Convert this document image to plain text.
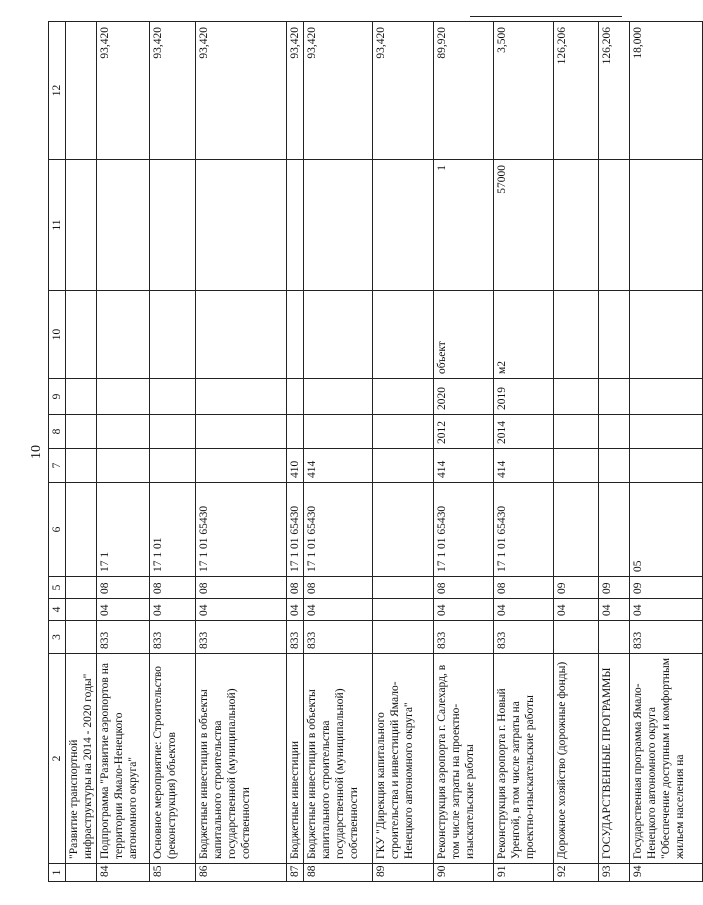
10
1	2	3	4	5	6	7	8	9	10	11	12
	"Развитие транспортной инфраструктуры на 2014 - 2020 годы"										
84	Подпрограмма "Развитие аэропортов на территории Ямало-Ненецкого автономного округа"	833	04	08	17 1						93,420
85	Основное мероприятие: Строительство (реконструкция) объектов	833	04	08	17 1 01						93,420
86	Бюджетные инвестиции в объекты капитального строительства государственной (муниципальной) собственности	833	04	08	17 1 01 65430						93,420
87	Бюджетные инвестиции	833	04	08	17 1 01 65430	410					93,420
88	Бюджетные инвестиции в объекты капитального строительства государственной (муниципальной) собственности	833	04	08	17 1 01 65430	414					93,420
89	ГКУ "Дирекция капитального строительства и инвестиций Ямало-Ненецкого автономного округа"										93,420
90	Реконструкция аэропорта г. Салехард, в том числе затраты на проектно-изыскательские работы	833	04	08	17 1 01 65430	414	2012	2020	объект	1	89,920
91	Реконструкция аэропорта г. Новый Уренгой, в том числе затраты на проектно-изыскательские работы	833	04	08	17 1 01 65430	414	2014	2019	м2	57000	3,500
92	Дорожное хозяйство (дорожные фонды)		04	09							126,206
93	ГОСУДАРСТВЕННЫЕ ПРОГРАММЫ		04	09							126,206
94	Государственная программа Ямало-Ненецкого автономного округа "Обеспечение доступным и комфортным жильем населения на	833	04	09	05						18,000
